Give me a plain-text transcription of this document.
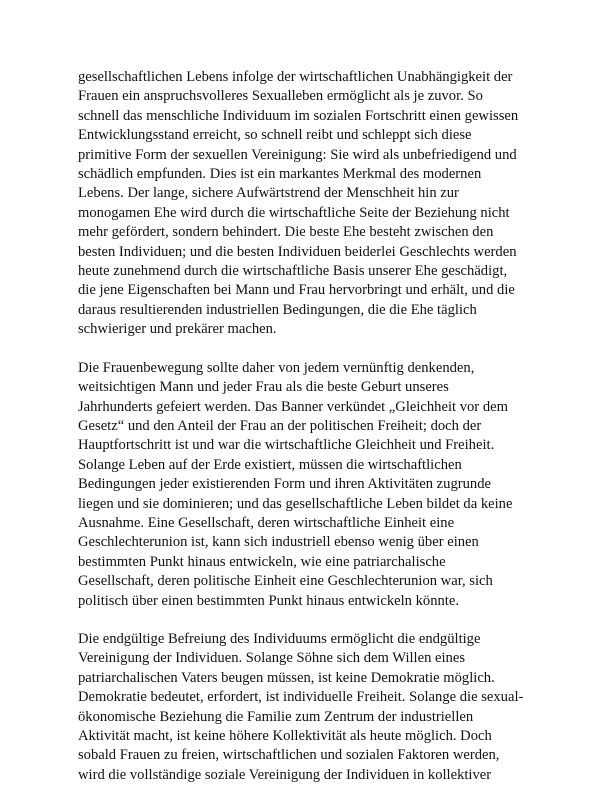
gesellschaftlichen Lebens infolge der wirtschaftlichen Unabhängigkeit der
Frauen ein anspruchsvolleres Sexualleben ermöglicht als je zuvor. So
schnell das menschliche Individuum im sozialen Fortschritt einen gewissen
Entwicklungsstand erreicht, so schnell reibt und schleppt sich diese
primitive Form der sexuellen Vereinigung: Sie wird als unbefriedigend und
schädlich empfunden. Dies ist ein markantes Merkmal des modernen
Lebens. Der lange, sichere Aufwärtstrend der Menschheit hin zur
monogamen Ehe wird durch die wirtschaftliche Seite der Beziehung nicht
mehr gefördert, sondern behindert. Die beste Ehe besteht zwischen den
besten Individuen; und die besten Individuen beiderlei Geschlechts werden
heute zunehmend durch die wirtschaftliche Basis unserer Ehe geschädigt,
die jene Eigenschaften bei Mann und Frau hervorbringt und erhält, und die
daraus resultierenden industriellen Bedingungen, die die Ehe täglich
schwieriger und prekärer machen.

Die Frauenbewegung sollte daher von jedem vernünftig denkenden,
weitsichtigen Mann und jeder Frau als die beste Geburt unseres
Jahrhunderts gefeiert werden. Das Banner verkündet „Gleichheit vor dem
Gesetz“ und den Anteil der Frau an der politischen Freiheit; doch der
Hauptfortschritt ist und war die wirtschaftliche Gleichheit und Freiheit.
Solange Leben auf der Erde existiert, müssen die wirtschaftlichen
Bedingungen jeder existierenden Form und ihren Aktivitäten zugrunde
liegen und sie dominieren; und das gesellschaftliche Leben bildet da keine
Ausnahme. Eine Gesellschaft, deren wirtschaftliche Einheit eine
Geschlechterunion ist, kann sich industriell ebenso wenig über einen
bestimmten Punkt hinaus entwickeln, wie eine patriarchalische
Gesellschaft, deren politische Einheit eine Geschlechterunion war, sich
politisch über einen bestimmten Punkt hinaus entwickeln könnte.

Die endgültige Befreiung des Individuums ermöglicht die endgültige
Vereinigung der Individuen. Solange Söhne sich dem Willen eines
patriarchalischen Vaters beugen müssen, ist keine Demokratie möglich.
Demokratie bedeutet, erfordert, ist individuelle Freiheit. Solange die sexual-
ökonomische Beziehung die Familie zum Zentrum der industriellen
Aktivität macht, ist keine höhere Kollektivität als heute möglich. Doch
sobald Frauen zu freien, wirtschaftlichen und sozialen Faktoren werden,
wird die vollständige soziale Vereinigung der Individuen in kollektiver
